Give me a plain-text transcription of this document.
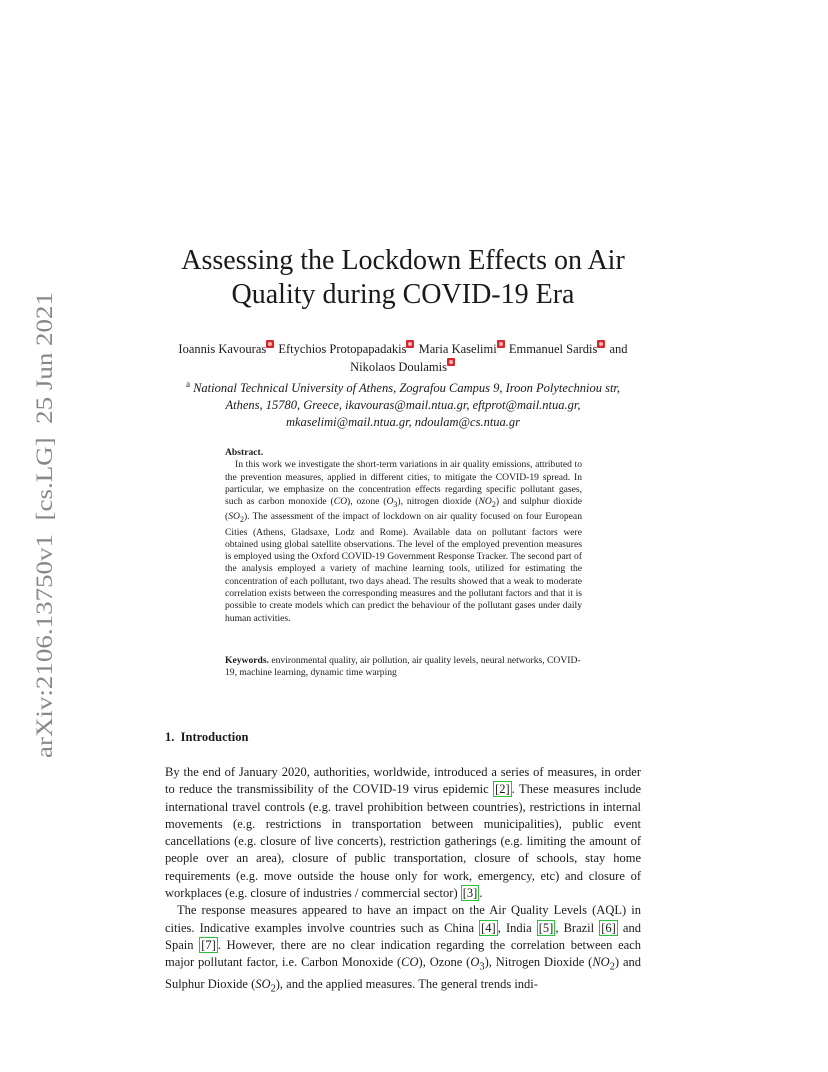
arXiv:2106.13750v1  [cs.LG]  25 Jun 2021
Assessing the Lockdown Effects on Air
Quality during COVID-19 Era
Ioannis Kavouras Eftychios Protopapadakis Maria Kaselimi Emmanuel Sardis and
Nikolaos Doulamis
$^a$ National Technical University of Athens, Zografou Campus 9, Iroon Polytechniou str,
Athens, 15780, Greece, ikavouras@mail.ntua.gr, eftprot@mail.ntua.gr,
mkaselimi@mail.ntua.gr, ndoulam@cs.ntua.gr
Abstract.
In this work we investigate the short-term variations in air quality emissions, attributed to the prevention measures, applied in different cities, to mitigate the COVID-19 spread. In particular, we emphasize on the concentration effects regarding specific pollutant gases, such as carbon monoxide (CO), ozone $(O_3)$, nitrogen dioxide $(NO_2)$ and sulphur dioxide $(SO_2)$. The assessment of the impact of lockdown on air quality focused on four European Cities (Athens, Gladsaxe, Lodz and Rome). Available data on pollutant factors were obtained using global satellite observations. The level of the employed prevention measures is employed using the Oxford COVID-19 Government Response Tracker. The second part of the analysis employed a variety of machine learning tools, utilized for estimating the concentration of each pollutant, two days ahead. The results showed that a weak to moderate correlation exists between the corresponding measures and the pollutant factors and that it is possible to create models which can predict the behaviour of the pollutant gases under daily human activities.
Keywords. environmental quality, air pollution, air quality levels, neural networks, COVID-19, machine learning, dynamic time warping
1. Introduction

By the end of January 2020, authorities, worldwide, introduced a series of measures, in order to reduce the transmissibility of the COVID-19 virus epidemic [2] . These measures include international travel controls (e.g. travel prohibition between countries), restrictions in internal movements (e.g. restrictions in transportation between municipalities), public event cancellations (e.g. closure of live concerts), restriction gatherings (e.g. limiting the amount of people over an area), closure of public transportation, closure of schools, stay home requirements (e.g. move outside the house only for work, emergency, etc) and closure of workplaces (e.g. closure of industries / commercial sector) [3] .

The response measures appeared to have an impact on the Air Quality Levels (AQL) in cities. Indicative examples involve countries such as China [4] , India [5] , Brazil [6] and Spain [7] . However, there are no clear indication regarding the correlation between each major pollutant factor, i.e. Carbon Monoxide (CO), Ozone $(O_3)$, Nitrogen Dioxide $(NO_2)$ and Sulphur Dioxide $(SO_2)$, and the applied measures. The general trends indi-
